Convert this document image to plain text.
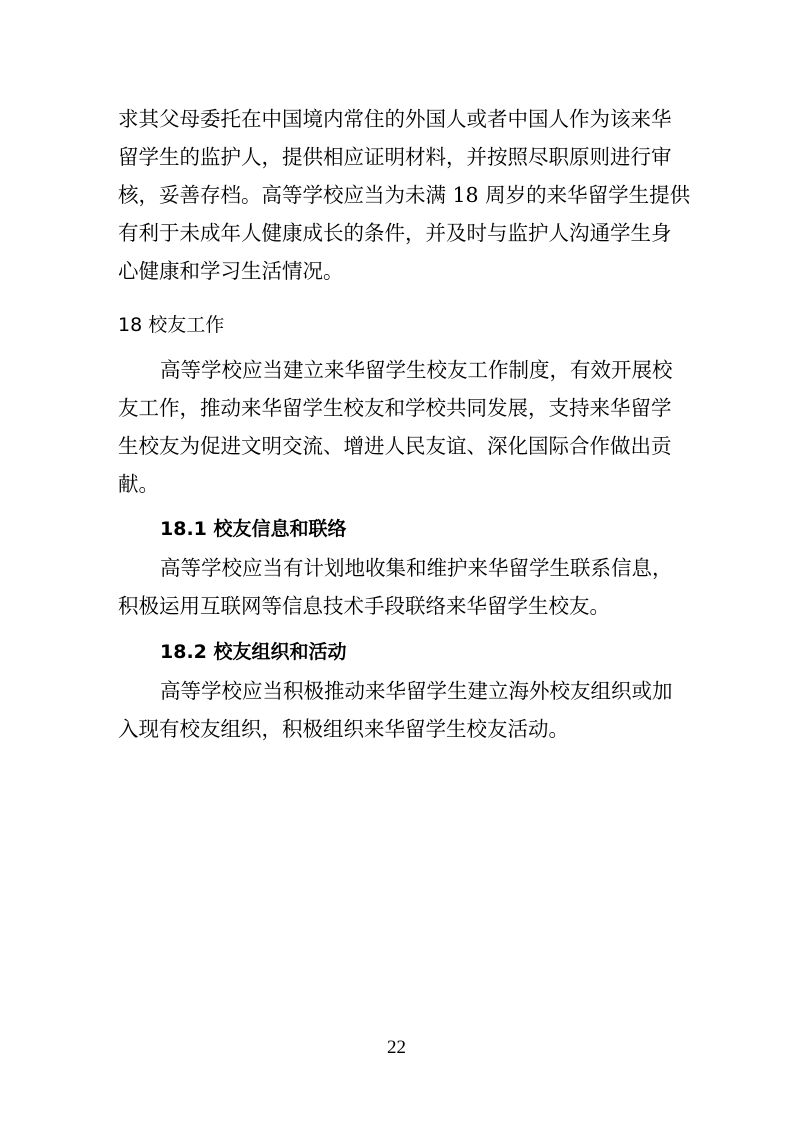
求其父母委托在中国境内常住的外国人或者中国人作为该来华

留学生的监护人，提供相应证明材料，并按照尽职原则进行审

核，妥善存档。高等学校应当为未满 18 周岁的来华留学生提供

有利于未成年人健康成长的条件，并及时与监护人沟通学生身

心健康和学习生活情况。

18 校友工作

高等学校应当建立来华留学生校友工作制度，有效开展校

友工作，推动来华留学生校友和学校共同发展，支持来华留学

生校友为促进文明交流、增进人民友谊、深化国际合作做出贡

献。

18.1 校友信息和联络

高等学校应当有计划地收集和维护来华留学生联系信息，

积极运用互联网等信息技术手段联络来华留学生校友。

18.2 校友组织和活动

高等学校应当积极推动来华留学生建立海外校友组织或加

入现有校友组织，积极组织来华留学生校友活动。

22
